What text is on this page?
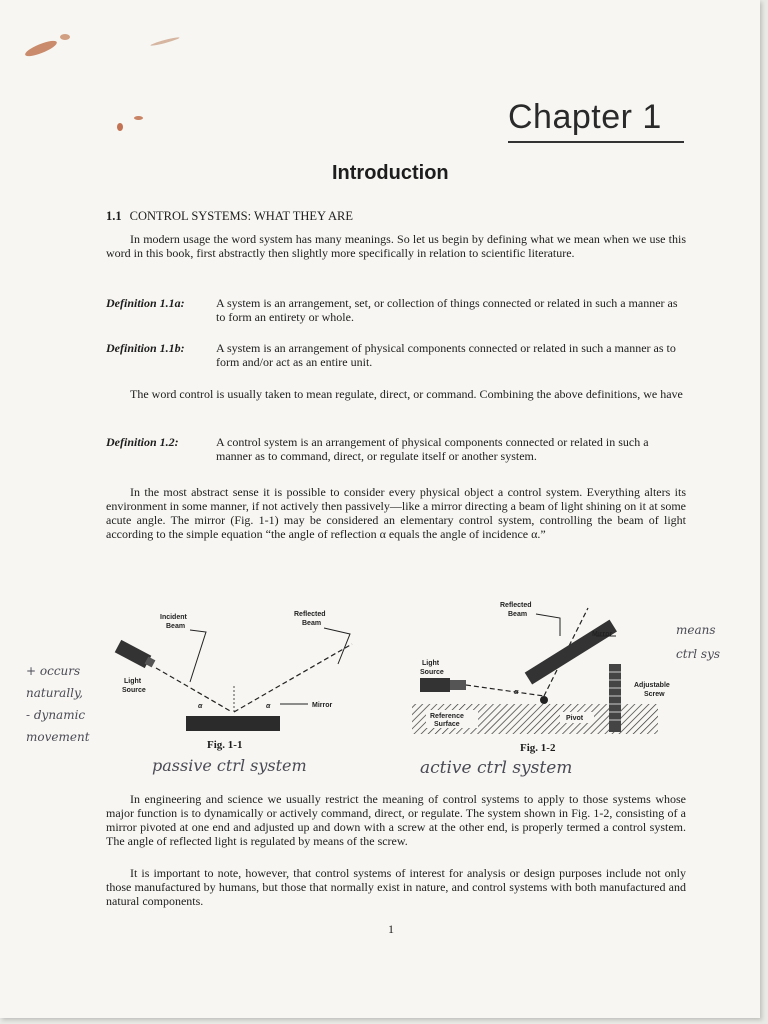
Chapter 1
Introduction
1.1 CONTROL SYSTEMS: WHAT THEY ARE
In modern usage the word system has many meanings. So let us begin by defining what we mean when we use this word in this book, first abstractly then slightly more specifically in relation to scientific literature.
Definition 1.1a:	A system is an arrangement, set, or collection of things connected or related in such a manner as to form an entirety or whole.
Definition 1.1b:	A system is an arrangement of physical components connected or related in such a manner as to form and/or act as an entire unit.
The word control is usually taken to mean regulate, direct, or command. Combining the above definitions, we have
Definition 1.2:	A control system is an arrangement of physical components connected or related in such a manner as to command, direct, or regulate itself or another system.
In the most abstract sense it is possible to consider every physical object a control system. Everything alters its environment in some manner, if not actively then passively—like a mirror directing a beam of light shining on it at some acute angle. The mirror (Fig. 1-1) may be considered an elementary control system, controlling the beam of light according to the simple equation “the angle of reflection α equals the angle of incidence α.”
Incident
Beam
Reflected
Beam
Light
Source
α	α	Mirror
Fig. 1-1
Reflected
Beam
Reference
Surface
Light
Source
α
Mirror
Adjustable
Screw
Pivot
Fig. 1-2
passive ctrl system	active ctrl system
+ occurs
naturally,
- dynamic
movement
means
ctrl sys
In engineering and science we usually restrict the meaning of control systems to apply to those systems whose major function is to dynamically or actively command, direct, or regulate. The system shown in Fig. 1-2, consisting of a mirror pivoted at one end and adjusted up and down with a screw at the other end, is properly termed a control system. The angle of reflected light is regulated by means of the screw.
It is important to note, however, that control systems of interest for analysis or design purposes include not only those manufactured by humans, but those that normally exist in nature, and control systems with both manufactured and natural components.
1
